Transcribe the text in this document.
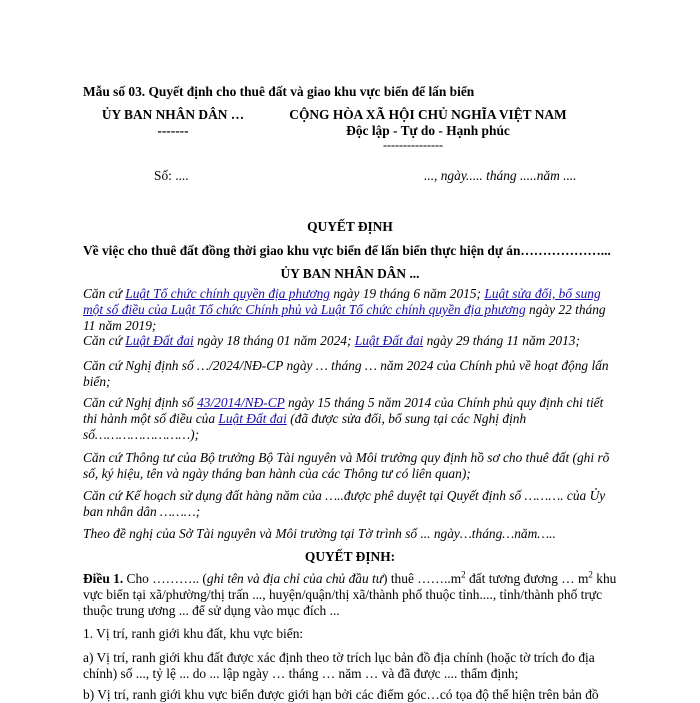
Mẫu số 03. Quyết định cho thuê đất và giao khu vực biển để lấn biển
ỦY BAN NHÂN DÂN …
-------
CỘNG HÒA XÃ HỘI CHỦ NGHĨA VIỆT NAM
Độc lập - Tự do - Hạnh phúc
---------------
Số: ....	..., ngày..... tháng .....năm ....
QUYẾT ĐỊNH
Về việc cho thuê đất đồng thời giao khu vực biển để lấn biển thực hiện dự án………………...
ỦY BAN NHÂN DÂN ...
Căn cứ Luật Tổ chức chính quyền địa phương ngày 19 tháng 6 năm 2015; Luật sửa đổi, bổ sung một số điều của Luật Tổ chức Chính phủ và Luật Tổ chức chính quyền địa phương ngày 22 tháng 11 năm 2019;
Căn cứ Luật Đất đai ngày 18 tháng 01 năm 2024; Luật Đất đai ngày 29 tháng 11 năm 2013;
Căn cứ Nghị định số …/2024/NĐ-CP ngày … tháng … năm 2024 của Chính phủ về hoạt động lấn biển;
Căn cứ Nghị định số 43/2014/NĐ-CP ngày 15 tháng 5 năm 2014 của Chính phủ quy định chi tiết thi hành một số điều của Luật Đất đai (đã được sửa đổi, bổ sung tại các Nghị định số……………………);
Căn cứ Thông tư của Bộ trưởng Bộ Tài nguyên và Môi trường quy định hồ sơ cho thuê đất (ghi rõ số, ký hiệu, tên và ngày tháng ban hành của các Thông tư có liên quan);
Căn cứ Kế hoạch sử dụng đất hàng năm của …..được phê duyệt tại Quyết định số ………. của Ủy ban nhân dân ………;
Theo đề nghị của Sở Tài nguyên và Môi trường tại Tờ trình số ... ngày…tháng…năm…..
QUYẾT ĐỊNH:
Điều 1. Cho ……….. (ghi tên và địa chỉ của chủ đầu tư) thuê $\dots\dots..m^2$ đất tương đương … $m^2$ khu vực biển tại xã/phường/thị trấn ..., huyện/quận/thị xã/thành phố thuộc tỉnh...., tỉnh/thành phố trực thuộc trung ương ... để sử dụng vào mục đích ...
1. Vị trí, ranh giới khu đất, khu vực biển:
a) Vị trí, ranh giới khu đất được xác định theo tờ trích lục bản đồ địa chính (hoặc tờ trích đo địa chính) số ..., tỷ lệ ... do ... lập ngày … tháng … năm … và đã được .... thẩm định;
b) Vị trí, ranh giới khu vực biển được giới hạn bởi các điểm góc…có tọa độ thể hiện trên bản đồ
